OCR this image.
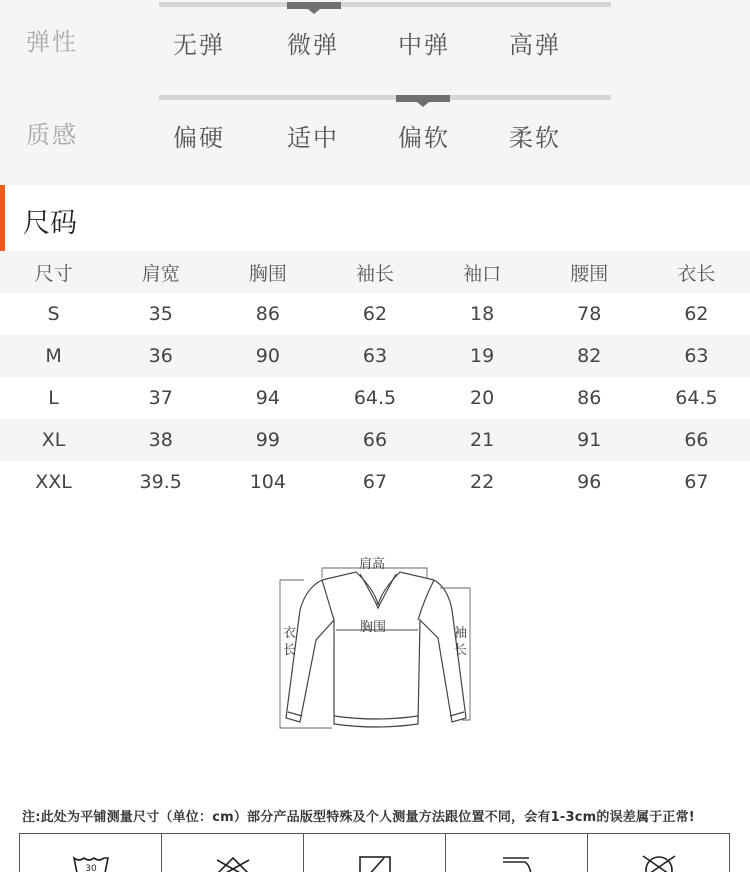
弹性	无弹	微弹 中弹 高弹
质感	偏硬	适中 偏软 柔软
尺码
尺寸	肩宽	胸围	袖长	袖口	腰围	衣长
S	35	86	62	18	78	62
M	36	90	63	19	82	63
L	37	94	64.5	20	86	64.5
XL	38	99	66	21	91	66
XXL	39.5	104	67	22	96	67
肩高
胸围
衣
长
袖
长
注:此处为平铺测量尺寸（单位：cm）部分产品版型特殊及个人测量方法跟位置不同，会有1-3cm的误差属于正常!
30
